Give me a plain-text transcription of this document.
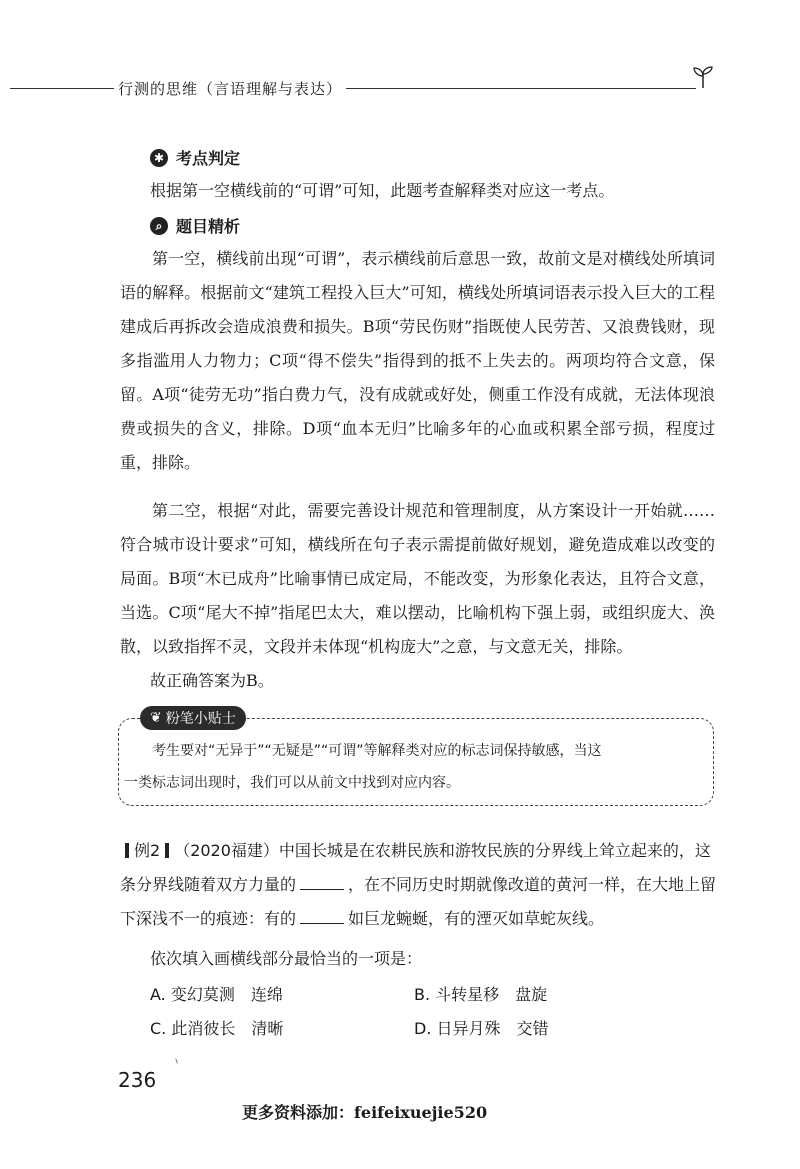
行测的思维（言语理解与表达）
✱ 考点判定
根据第一空横线前的“可谓”可知，此题考查解释类对应这一考点。
⌕ 题目精析
第一空，横线前出现“可谓”，表示横线前后意思一致，故前文是对横线处所填词语的解释。根据前文“建筑工程投入巨大”可知，横线处所填词语表示投入巨大的工程建成后再拆改会造成浪费和损失。B项“劳民伤财”指既使人民劳苦、又浪费钱财，现多指滥用人力物力；C项“得不偿失”指得到的抵不上失去的。两项均符合文意，保留。A项“徒劳无功”指白费力气，没有成就或好处，侧重工作没有成就，无法体现浪费或损失的含义，排除。D项“血本无归”比喻多年的心血或积累全部亏损，程度过重，排除。
第二空，根据“对此，需要完善设计规范和管理制度，从方案设计一开始就……符合城市设计要求”可知，横线所在句子表示需提前做好规划，避免造成难以改变的局面。B项“木已成舟”比喻事情已成定局，不能改变，为形象化表达，且符合文意，当选。C项“尾大不掉”指尾巴太大，难以摆动，比喻机构下强上弱，或组织庞大、涣散，以致指挥不灵，文段并未体现“机构庞大”之意，与文意无关，排除。
故正确答案为B。
❦ 粉笔小贴士
考生要对“无异于”“无疑是”“可谓”等解释类对应的标志词保持敏感，当这
一类标志词出现时，我们可以从前文中找到对应内容。
例2 （2020福建）中国长城是在农耕民族和游牧民族的分界线上耸立起来的，这条分界线随着双方力量的	，在不同历史时期就像改道的黄河一样，在大地上留下深浅不一的痕迹：有的	如巨龙蜿蜒，有的湮灭如草蛇灰线。
依次填入画横线部分最恰当的一项是：
A. 变幻莫测　连绵	B. 斗转星移　盘旋
C. 此消彼长　清晰	D. 日异月殊　交错
236
更多资料添加：feifeixuejie520
